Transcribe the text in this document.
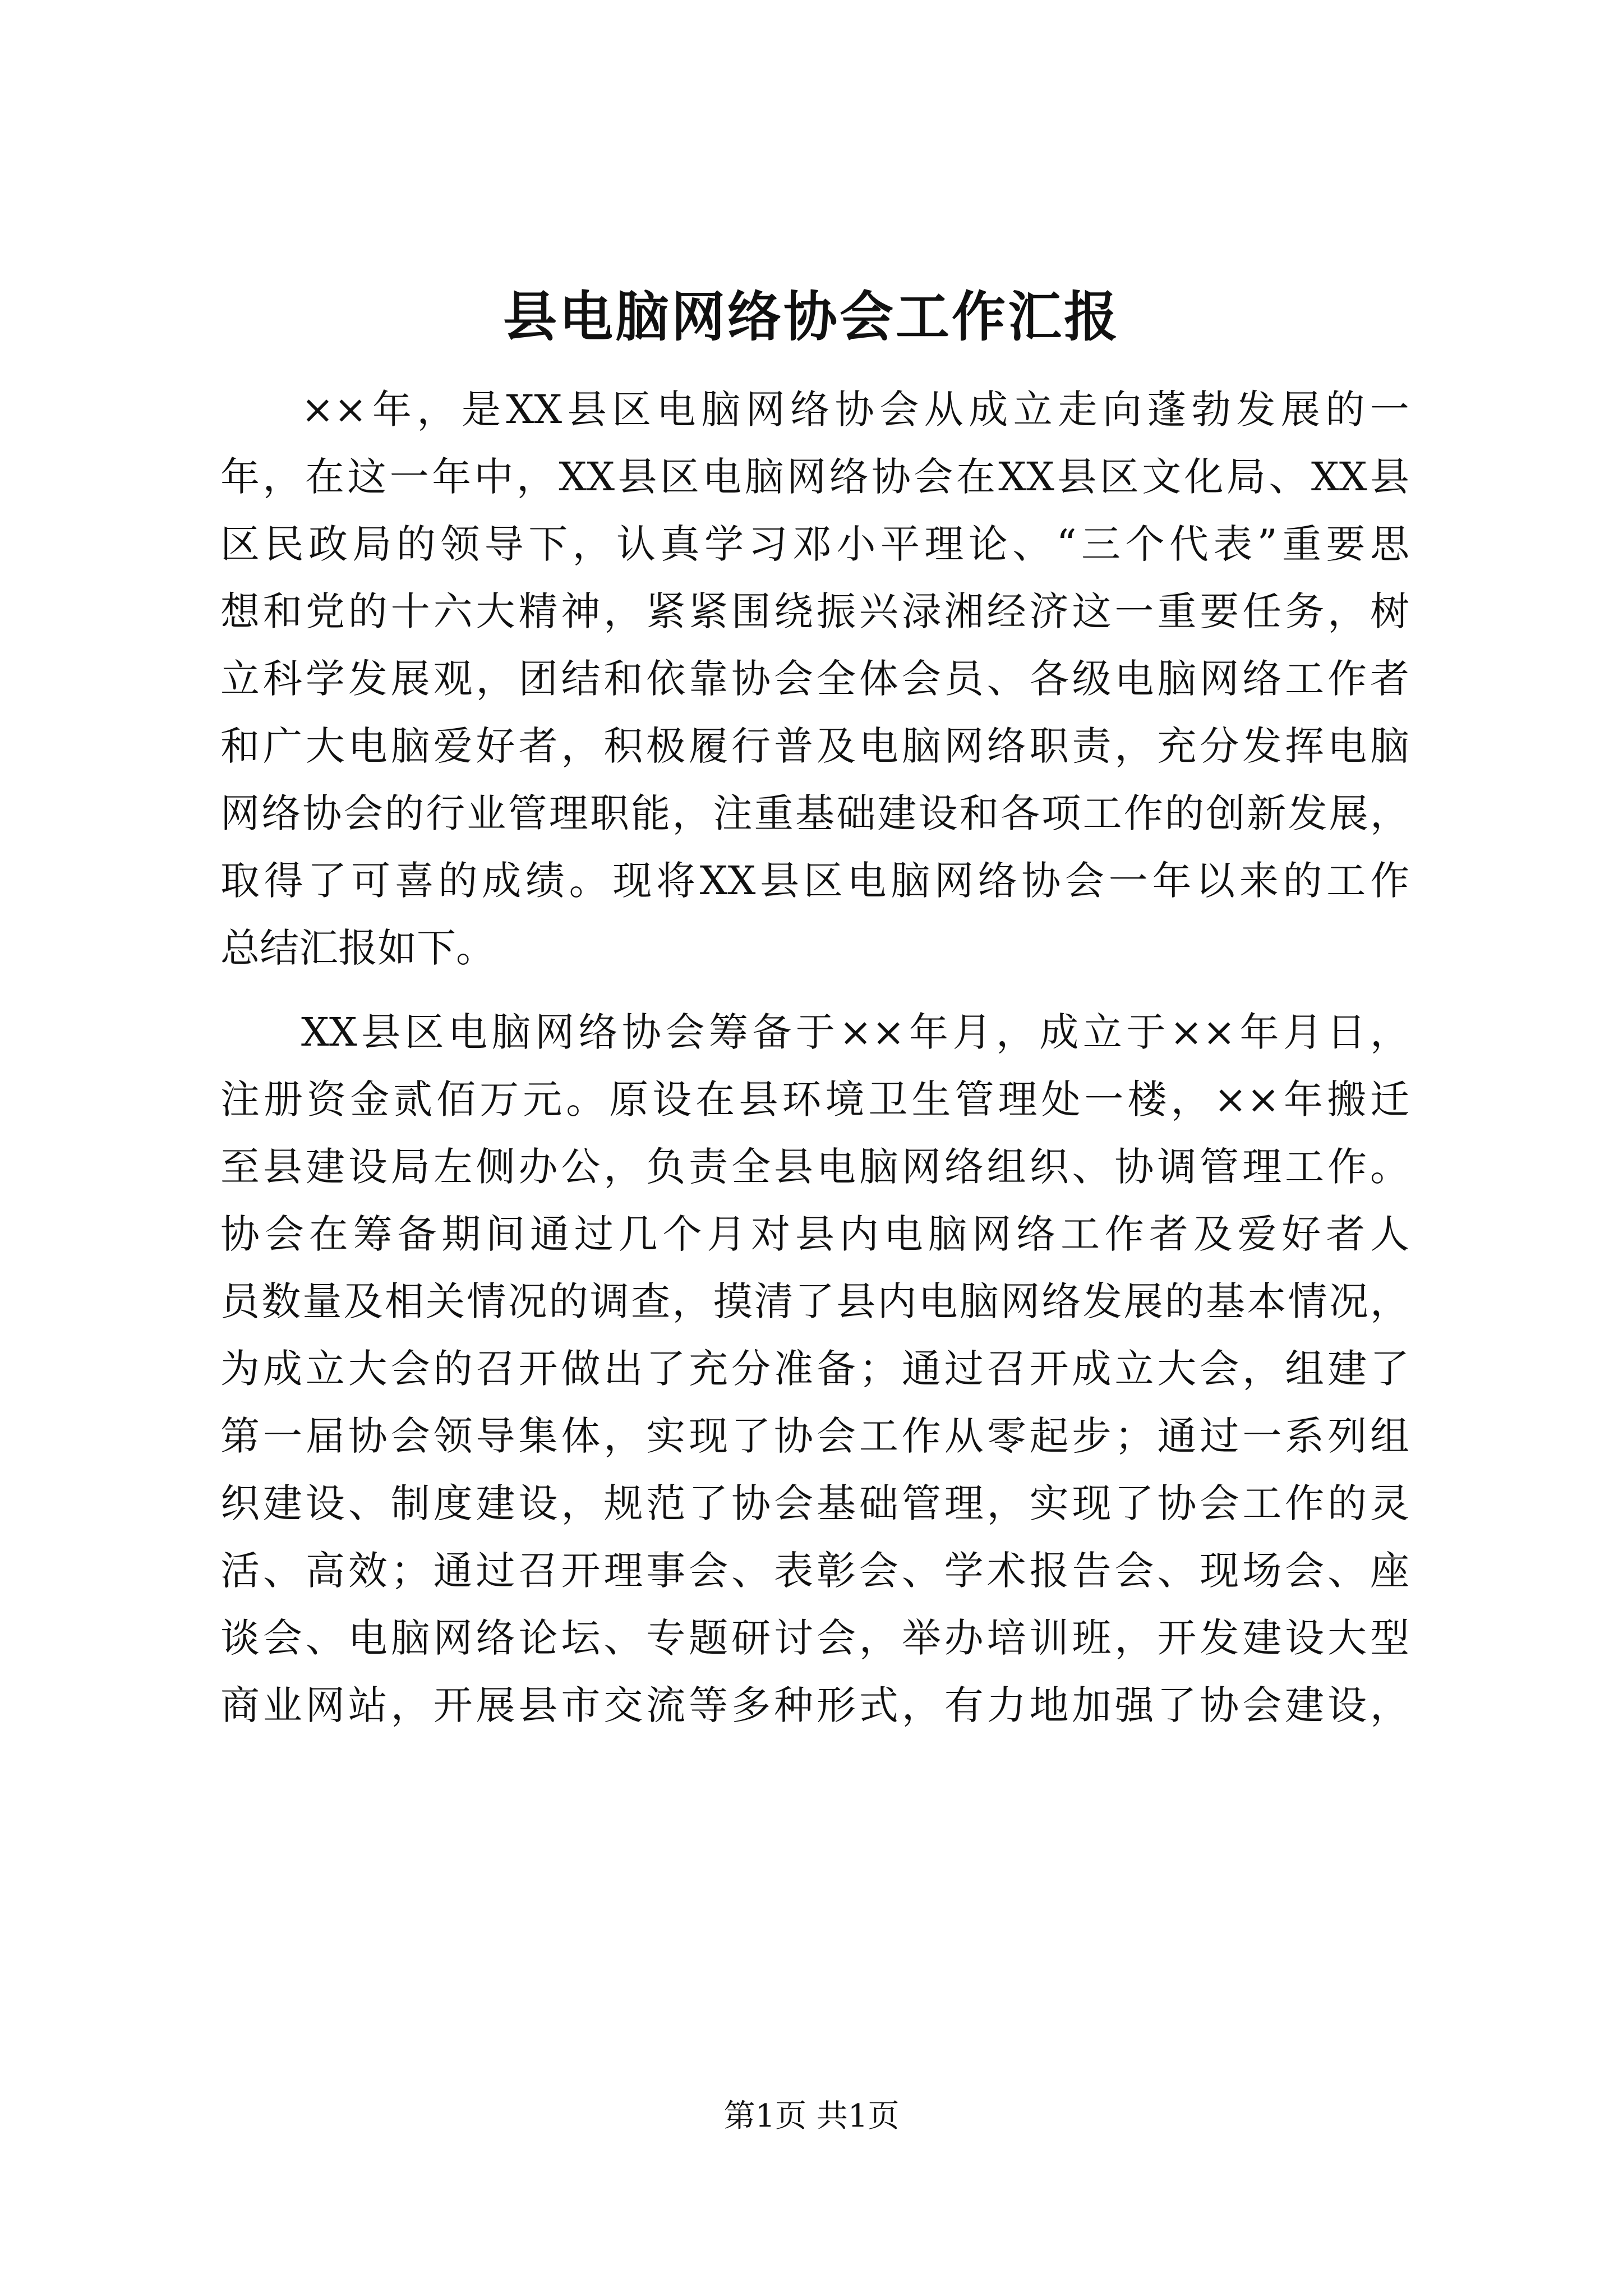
县电脑网络协会工作汇报
××年，是XX县区电脑网络协会从成立走向蓬勃发展的一
年，在这一年中，XX县区电脑网络协会在XX县区文化局、XX县
区民政局的领导下，认真学习邓小平理论、“三个代表”重要思
想和党的十六大精神，紧紧围绕振兴渌湘经济这一重要任务，树
立科学发展观，团结和依靠协会全体会员、各级电脑网络工作者
和广大电脑爱好者，积极履行普及电脑网络职责，充分发挥电脑
网络协会的行业管理职能，注重基础建设和各项工作的创新发展，
取得了可喜的成绩。现将XX县区电脑网络协会一年以来的工作
总结汇报如下。
XX县区电脑网络协会筹备于××年月，成立于××年月日，
注册资金贰佰万元。原设在县环境卫生管理处一楼，××年搬迁
至县建设局左侧办公，负责全县电脑网络组织、协调管理工作。
协会在筹备期间通过几个月对县内电脑网络工作者及爱好者人
员数量及相关情况的调查，摸清了县内电脑网络发展的基本情况，
为成立大会的召开做出了充分准备；通过召开成立大会，组建了
第一届协会领导集体，实现了协会工作从零起步；通过一系列组
织建设、制度建设，规范了协会基础管理，实现了协会工作的灵
活、高效；通过召开理事会、表彰会、学术报告会、现场会、座
谈会、电脑网络论坛、专题研讨会，举办培训班，开发建设大型
商业网站，开展县市交流等多种形式，有力地加强了协会建设，
第1页 共1页
